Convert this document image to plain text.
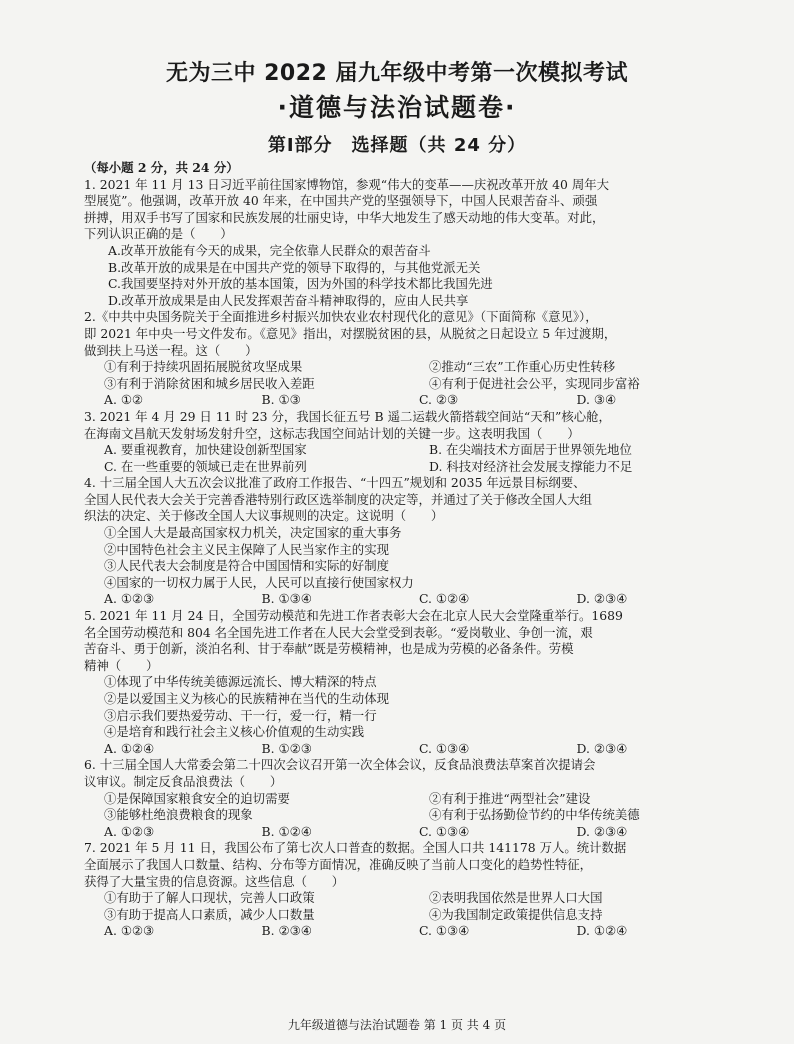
无为三中 2022 届九年级中考第一次模拟考试
·道德与法治试题卷·
第Ⅰ部分　选择题（共 24 分）
（每小题 2 分，共 24 分）
1. 2021 年 11 月 13 日习近平前往国家博物馆，参观“伟大的变革——庆祝改革开放 40 周年大
型展览”。他强调，改革开放 40 年来，在中国共产党的坚强领导下，中国人民艰苦奋斗、顽强
拼搏，用双手书写了国家和民族发展的壮丽史诗，中华大地发生了感天动地的伟大变革。对此，
下列认识正确的是（　　）
A.改革开放能有今天的成果，完全依靠人民群众的艰苦奋斗
B.改革开放的成果是在中国共产党的领导下取得的，与其他党派无关
C.我国要坚持对外开放的基本国策，因为外国的科学技术都比我国先进
D.改革开放成果是由人民发挥艰苦奋斗精神取得的，应由人民共享
2.《中共中央国务院关于全面推进乡村振兴加快农业农村现代化的意见》（下面简称《意见》），
即 2021 年中央一号文件发布。《意见》指出，对摆脱贫困的县，从脱贫之日起设立 5 年过渡期，
做到扶上马送一程。这（　　）
①有利于持续巩固拓展脱贫攻坚成果	②推动“三农”工作重心历史性转移
③有利于消除贫困和城乡居民收入差距	④有利于促进社会公平，实现同步富裕
A. ①②	B. ①③	C. ②③	D. ③④
3. 2021 年 4 月 29 日 11 时 23 分，我国长征五号 B 遥二运载火箭搭载空间站“天和”核心舱，
在海南文昌航天发射场发射升空，这标志我国空间站计划的关键一步。这表明我国（　　）
A. 要重视教育，加快建设创新型国家	B. 在尖端技术方面居于世界领先地位
C. 在一些重要的领域已走在世界前列	D. 科技对经济社会发展支撑能力不足
4. 十三届全国人大五次会议批准了政府工作报告、“十四五”规划和 2035 年远景目标纲要、
全国人民代表大会关于完善香港特别行政区选举制度的决定等，并通过了关于修改全国人大组
织法的决定、关于修改全国人大议事规则的决定。这说明（　　）
①全国人大是最高国家权力机关，决定国家的重大事务
②中国特色社会主义民主保障了人民当家作主的实现
③人民代表大会制度是符合中国国情和实际的好制度
④国家的一切权力属于人民，人民可以直接行使国家权力
A. ①②③	B. ①③④	C. ①②④	D. ②③④
5. 2021 年 11 月 24 日，全国劳动模范和先进工作者表彰大会在北京人民大会堂隆重举行。1689
名全国劳动模范和 804 名全国先进工作者在人民大会堂受到表彰。“爱岗敬业、争创一流，艰
苦奋斗、勇于创新，淡泊名利、甘于奉献”既是劳模精神，也是成为劳模的必备条件。劳模
精神（　　）
①体现了中华传统美德源远流长、博大精深的特点
②是以爱国主义为核心的民族精神在当代的生动体现
③启示我们要热爱劳动、干一行，爱一行，精一行
④是培育和践行社会主义核心价值观的生动实践
A. ①②④	B. ①②③	C. ①③④	D. ②③④
6. 十三届全国人大常委会第二十四次会议召开第一次全体会议，反食品浪费法草案首次提请会
议审议。制定反食品浪费法（　　）
①是保障国家粮食安全的迫切需要	②有利于推进“两型社会”建设
③能够杜绝浪费粮食的现象	④有利于弘扬勤俭节约的中华传统美德
A. ①②③	B. ①②④	C. ①③④	D. ②③④
7. 2021 年 5 月 11 日，我国公布了第七次人口普查的数据。全国人口共 141178 万人。统计数据
全面展示了我国人口数量、结构、分布等方面情况，准确反映了当前人口变化的趋势性特征，
获得了大量宝贵的信息资源。这些信息（　　）
①有助于了解人口现状，完善人口政策	②表明我国依然是世界人口大国
③有助于提高人口素质，减少人口数量	④为我国制定政策提供信息支持
A. ①②③	B. ②③④	C. ①③④	D. ①②④
九年级道德与法治试题卷 第 1 页 共 4 页
